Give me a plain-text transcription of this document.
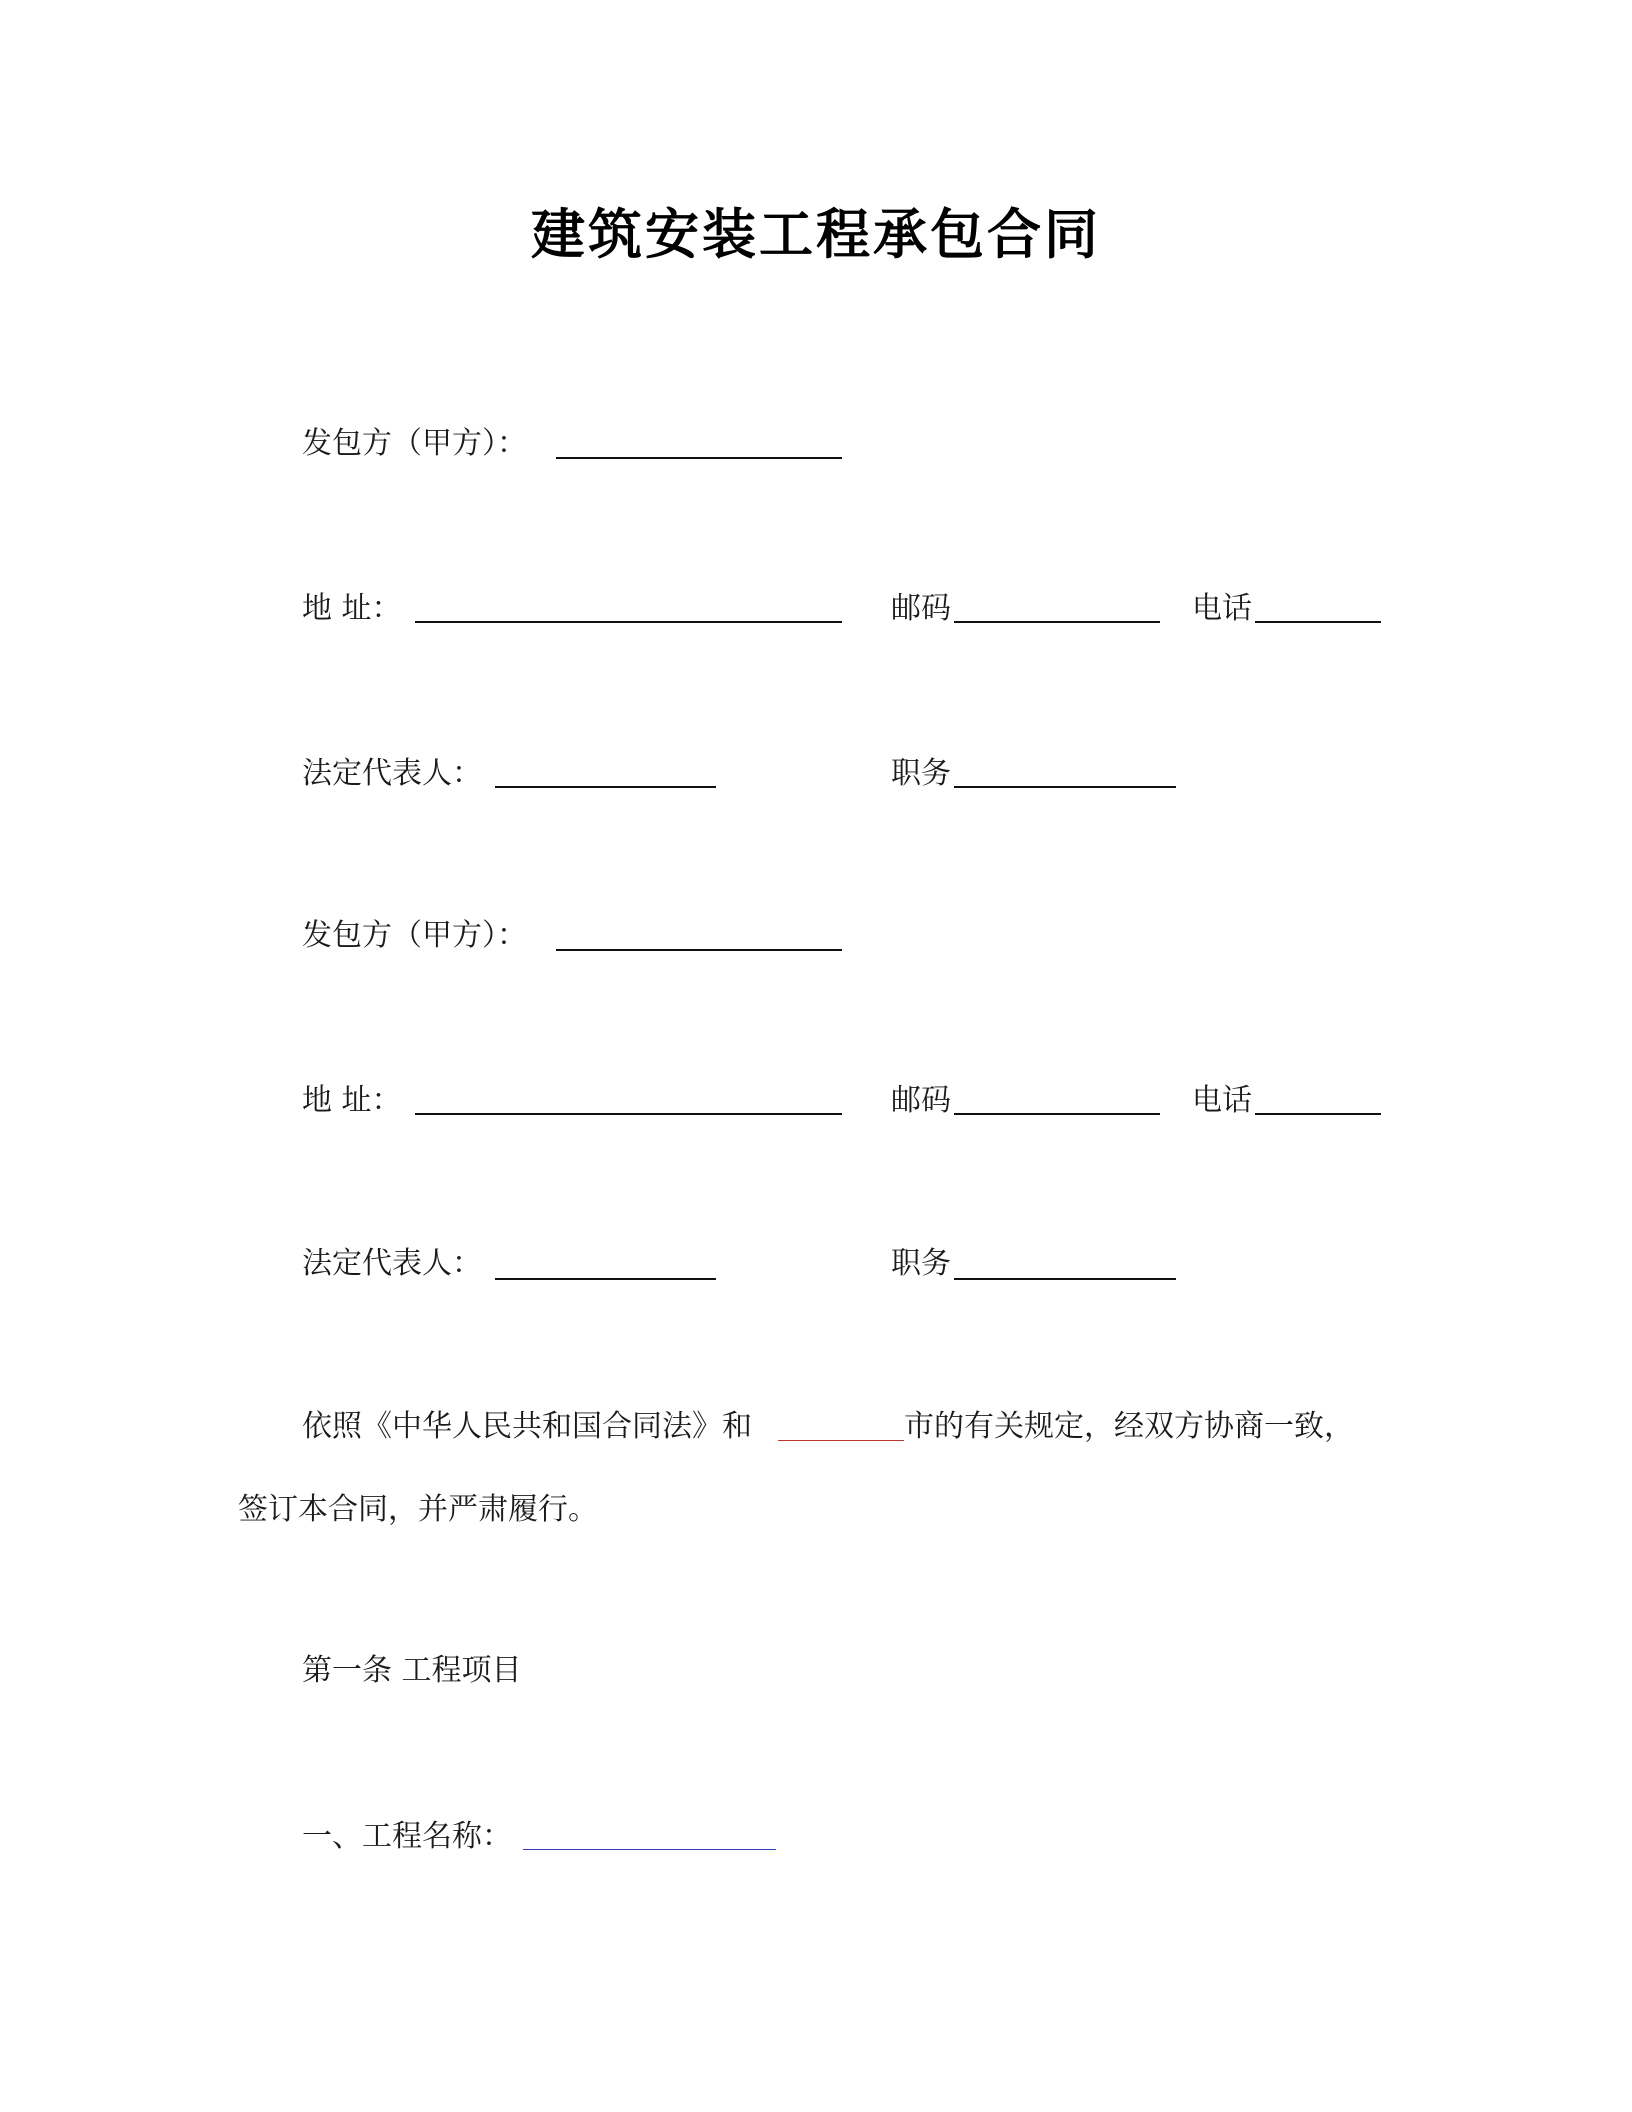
建筑安装工程承包合同
发包方（甲方）：
地 址：	邮码	电话
法定代表人：	职务
发包方（甲方）：
地 址：	邮码	电话
法定代表人：	职务
依照《中华人民共和国合同法》和	市的有关规定，经双方协商一致，
签订本合同，并严肃履行。
第一条 工程项目
一、工程名称：
